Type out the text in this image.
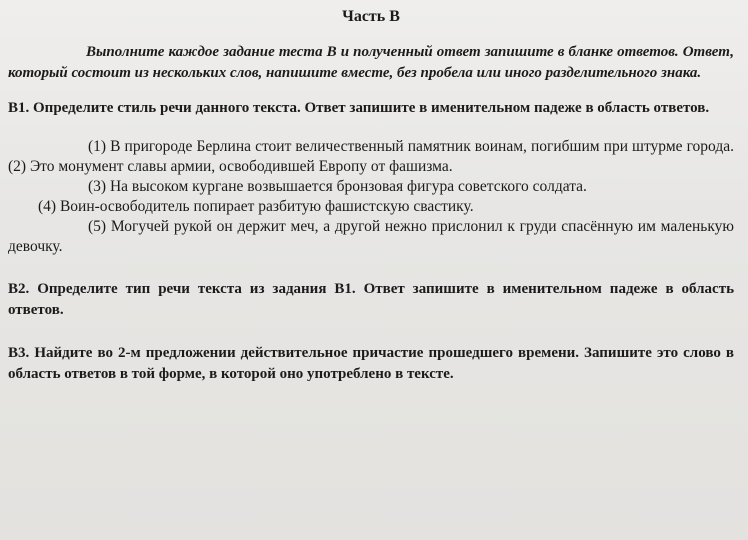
Часть В
Выполните каждое задание теста В и полученный ответ запишите в бланке ответов. Ответ, который состоит из нескольких слов, напишите вместе, без пробела или иного разделительного знака.

В1. Определите стиль речи данного текста. Ответ запишите в именительном падеже в область ответов.

(1) В пригороде Берлина стоит величественный памятник воинам, погибшим при штурме города. (2) Это монумент славы армии, освободившей Европу от фашизма.

(3) На высоком кургане возвышается бронзовая фигура советского солдата.

(4) Воин-освободитель попирает разбитую фашистскую свастику.

(5) Могучей рукой он держит меч, а другой нежно прислонил к груди спасённую им маленькую девочку.

В2. Определите тип речи текста из задания В1. Ответ запишите в именительном падеже в область ответов.

В3. Найдите во 2-м предложении действительное причастие прошедшего времени. Запишите это слово в область ответов в той форме, в которой оно употреблено в тексте.
